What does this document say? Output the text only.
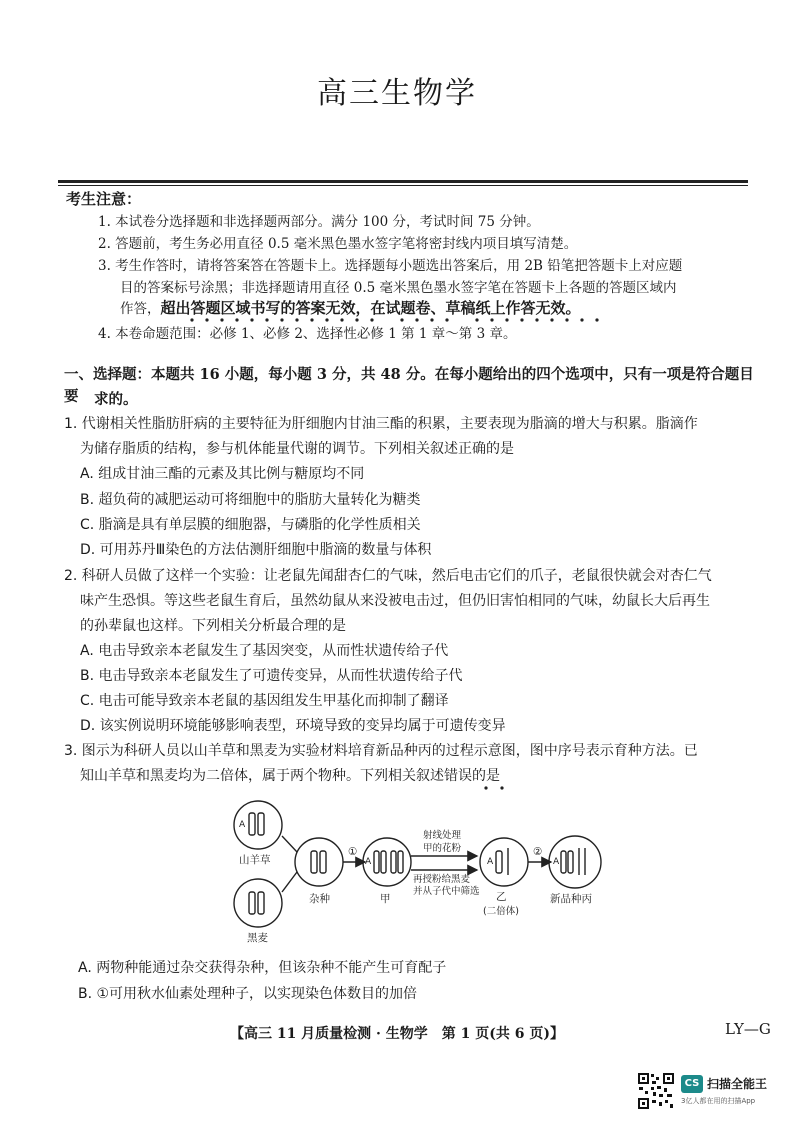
高三生物学
考生注意：
1. 本试卷分选择题和非选择题两部分。满分 100 分，考试时间 75 分钟。
2. 答题前，考生务必用直径 0.5 毫米黑色墨水签字笔将密封线内项目填写清楚。
3. 考生作答时，请将答案答在答题卡上。选择题每小题选出答案后，用 2B 铅笔把答题卡上对应题
目的答案标号涂黑；非选择题请用直径 0.5 毫米黑色墨水签字笔在答题卡上各题的答题区域内
作答，超出答题区域书写的答案无效，在试题卷、草稿纸上作答无效。
4. 本卷命题范围：必修 1、必修 2、选择性必修 1 第 1 章～第 3 章。
一、选择题：本题共 16 小题，每小题 3 分，共 48 分。在每小题给出的四个选项中，只有一项是符合题目要	求的。
1. 代谢相关性脂肪肝病的主要特征为肝细胞内甘油三酯的积累，主要表现为脂滴的增大与积累。脂滴作
为储存脂质的结构，参与机体能量代谢的调节。下列相关叙述正确的是
A. 组成甘油三酯的元素及其比例与糖原均不同
B. 超负荷的减肥运动可将细胞中的脂肪大量转化为糖类
C. 脂滴是具有单层膜的细胞器，与磷脂的化学性质相关
D. 可用苏丹Ⅲ染色的方法估测肝细胞中脂滴的数量与体积
2. 科研人员做了这样一个实验：让老鼠先闻甜杏仁的气味，然后电击它们的爪子，老鼠很快就会对杏仁气
味产生恐惧。等这些老鼠生育后，虽然幼鼠从来没被电击过，但仍旧害怕相同的气味，幼鼠长大后再生
的孙辈鼠也这样。下列相关分析最合理的是
A. 电击导致亲本老鼠发生了基因突变，从而性状遗传给子代
B. 电击导致亲本老鼠发生了可遗传变异，从而性状遗传给子代
C. 电击可能导致亲本老鼠的基因组发生甲基化而抑制了翻译
D. 该实例说明环境能够影响表型，环境导致的变异均属于可遗传变异
3. 图示为科研人员以山羊草和黑麦为实验材料培育新品种丙的过程示意图，图中序号表示育种方法。已
知山羊草和黑麦均为二倍体，属于两个物种。下列相关叙述错误的是
A
A	A
A
山羊草
黑麦
杂种	甲	乙
(二倍体)
新品种丙
①	②
射线处理
甲的花粉
再授粉给黑麦
并从子代中筛选
A. 两物种能通过杂交获得杂种，但该杂种不能产生可育配子
B. ①可用秋水仙素处理种子，以实现染色体数目的加倍
【高三 11 月质量检测 · 生物学　第 1 页(共 6 页)】	LY—G
CS 扫描全能王
3亿人都在用的扫描App
